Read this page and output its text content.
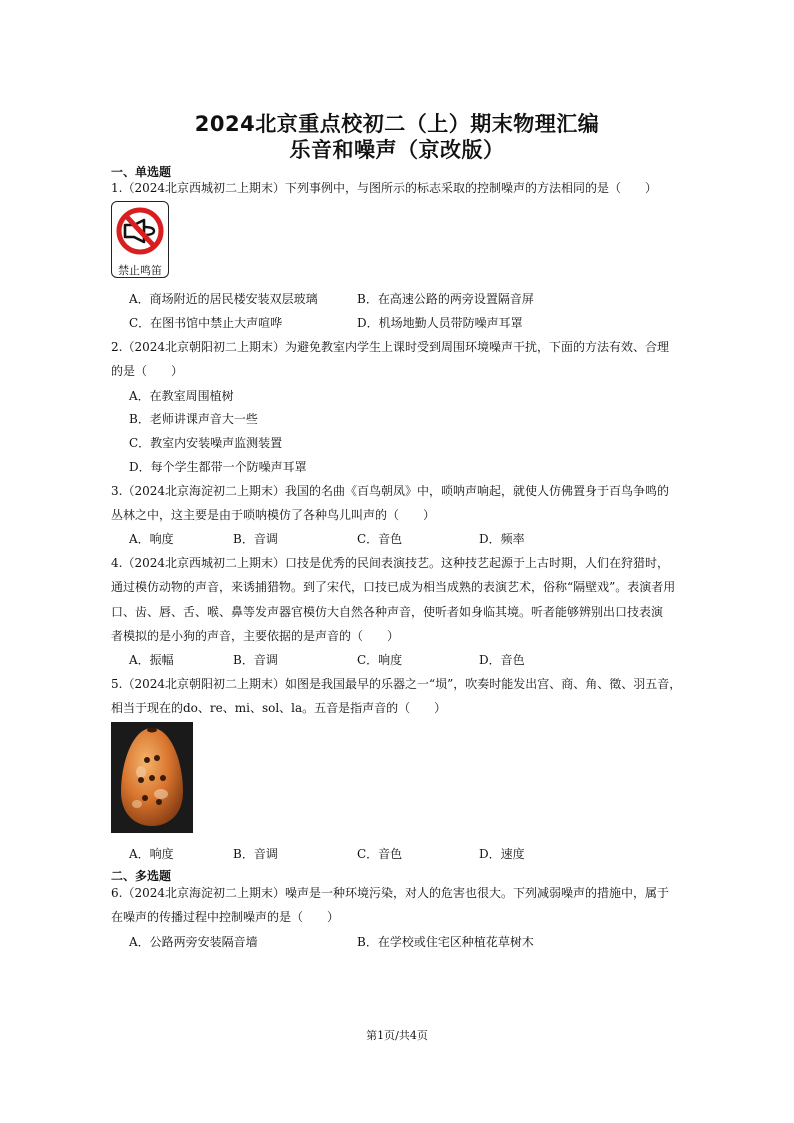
2024北京重点校初二（上）期末物理汇编
乐音和噪声（京改版）
一、单选题
1.（2024北京西城初二上期末）下列事例中，与图所示的标志采取的控制噪声的方法相同的是（　　）
禁止鸣笛
A．商场附近的居民楼安装双层玻璃	B．在高速公路的两旁设置隔音屏
C．在图书馆中禁止大声喧哗	D．机场地勤人员带防噪声耳罩
2.（2024北京朝阳初二上期末）为避免教室内学生上课时受到周围环境噪声干扰，下面的方法有效、合理
的是（　　）
A．在教室周围植树
B．老师讲课声音大一些
C．教室内安装噪声监测装置
D．每个学生都带一个防噪声耳罩
3.（2024北京海淀初二上期末）我国的名曲《百鸟朝凤》中，唢呐声响起，就使人仿佛置身于百鸟争鸣的
丛林之中，这主要是由于唢呐模仿了各种鸟儿叫声的（　　）
A．响度	B．音调	C．音色	D．频率
4.（2024北京西城初二上期末）口技是优秀的民间表演技艺。这种技艺起源于上古时期，人们在狩猎时，
通过模仿动物的声音，来诱捕猎物。到了宋代，口技已成为相当成熟的表演艺术，俗称“隔壁戏”。表演者用
口、齿、唇、舌、喉、鼻等发声器官模仿大自然各种声音，使听者如身临其境。听者能够辨别出口技表演
者模拟的是小狗的声音，主要依据的是声音的（　　）
A．振幅	B．音调	C．响度	D．音色
5.（2024北京朝阳初二上期末）如图是我国最早的乐器之一“埙”，吹奏时能发出宫、商、角、徵、羽五音，
相当于现在的do、re、mi、sol、la。五音是指声音的（　　）
A．响度	B．音调	C．音色	D．速度
二、多选题
6.（2024北京海淀初二上期末）噪声是一种环境污染，对人的危害也很大。下列减弱噪声的措施中，属于
在噪声的传播过程中控制噪声的是（　　）
A．公路两旁安装隔音墙	B．在学校或住宅区种植花草树木
第1页/共4页
